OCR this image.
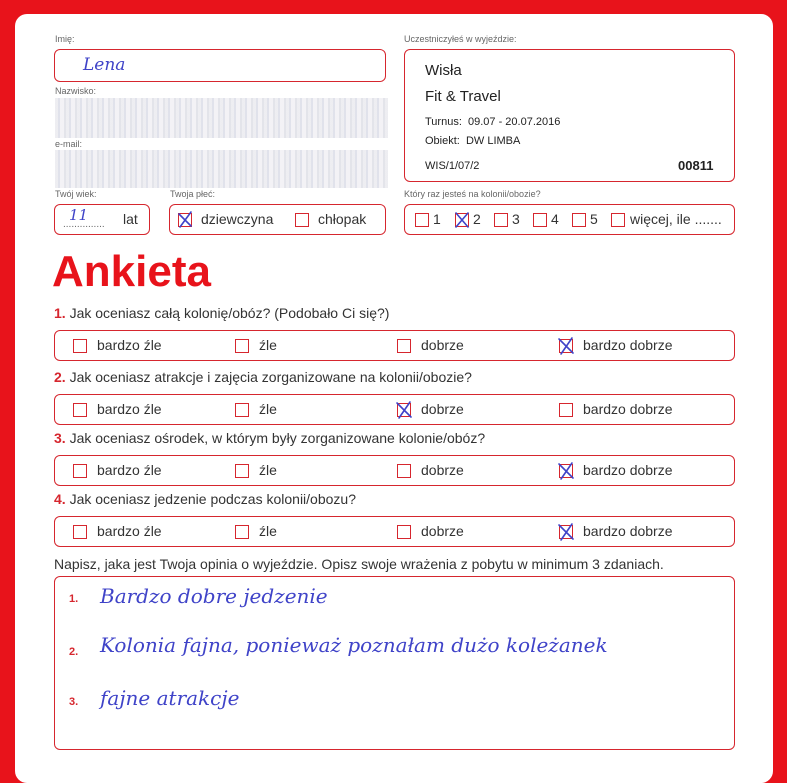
Imię:
Lena
Nazwisko:
e-mail:
Uczestniczyłeś w wyjeździe:
Wisła
Fit & Travel
Turnus:  09.07 - 20.07.2016
Obiekt:  DW LIMBA
WIS/1/07/2	00811
Twój wiek:
...............
11 lat
Twoja płeć:
dziewczyna	chłopak
Który raz jesteś na kolonii/obozie?
1 2 3 4 5 więcej, ile .......
Ankieta
1. Jak oceniasz całą kolonię/obóz? (Podobało Ci się?)
bardzo źle	źle	dobrze	bardzo dobrze
2. Jak oceniasz atrakcje i zajęcia zorganizowane na kolonii/obozie?
bardzo źle	źle	dobrze	bardzo dobrze
3. Jak oceniasz ośrodek, w którym były zorganizowane kolonie/obóz?
bardzo źle	źle	dobrze	bardzo dobrze
4. Jak oceniasz jedzenie podczas kolonii/obozu?
bardzo źle	źle	dobrze	bardzo dobrze
Napisz, jaka jest Twoja opinia o wyjeździe. Opisz swoje wrażenia z pobytu w minimum 3 zdaniach.
1. Bardzo dobre jedzenie
2. Kolonia fajna, ponieważ poznałam dużo koleżanek
3. fajne atrakcje
